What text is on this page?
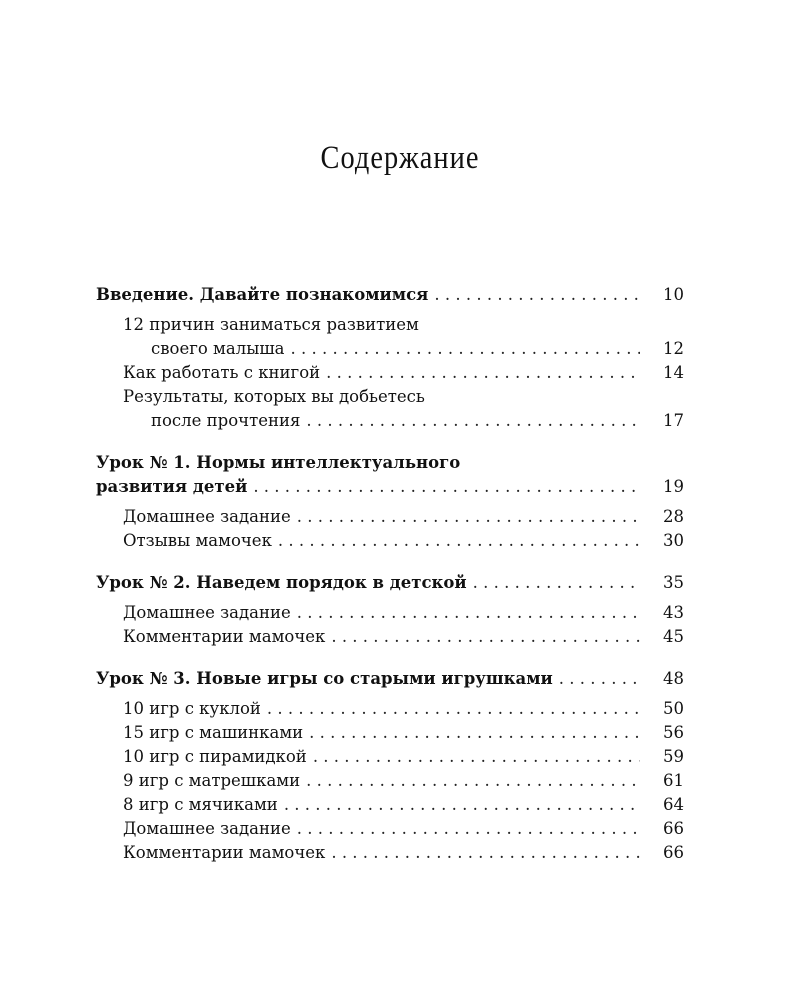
Содержание
Введение. Давайте познакомимся . . .	10
12 причин заниматься развитием
своего малыша . . .	12
Как работать с книгой . . .	14
Результаты, которых вы добьетесь
после прочтения . . .	17
Урок № 1. Нормы интеллектуального
развития детей . . .	19
Домашнее задание . . .	28
Отзывы мамочек . . .	30
Урок № 2. Наведем порядок в детской . . .	35
Домашнее задание . . .	43
Комментарии мамочек . . .	45
Урок № 3. Новые игры со старыми игрушками . . .	48
10 игр с куклой . . .	50
15 игр с машинками . . .	56
10 игр с пирамидкой . . .	59
9 игр с матрешками . . .	61
8 игр с мячиками . . .	64
Домашнее задание . . .	66
Комментарии мамочек . . .	66
